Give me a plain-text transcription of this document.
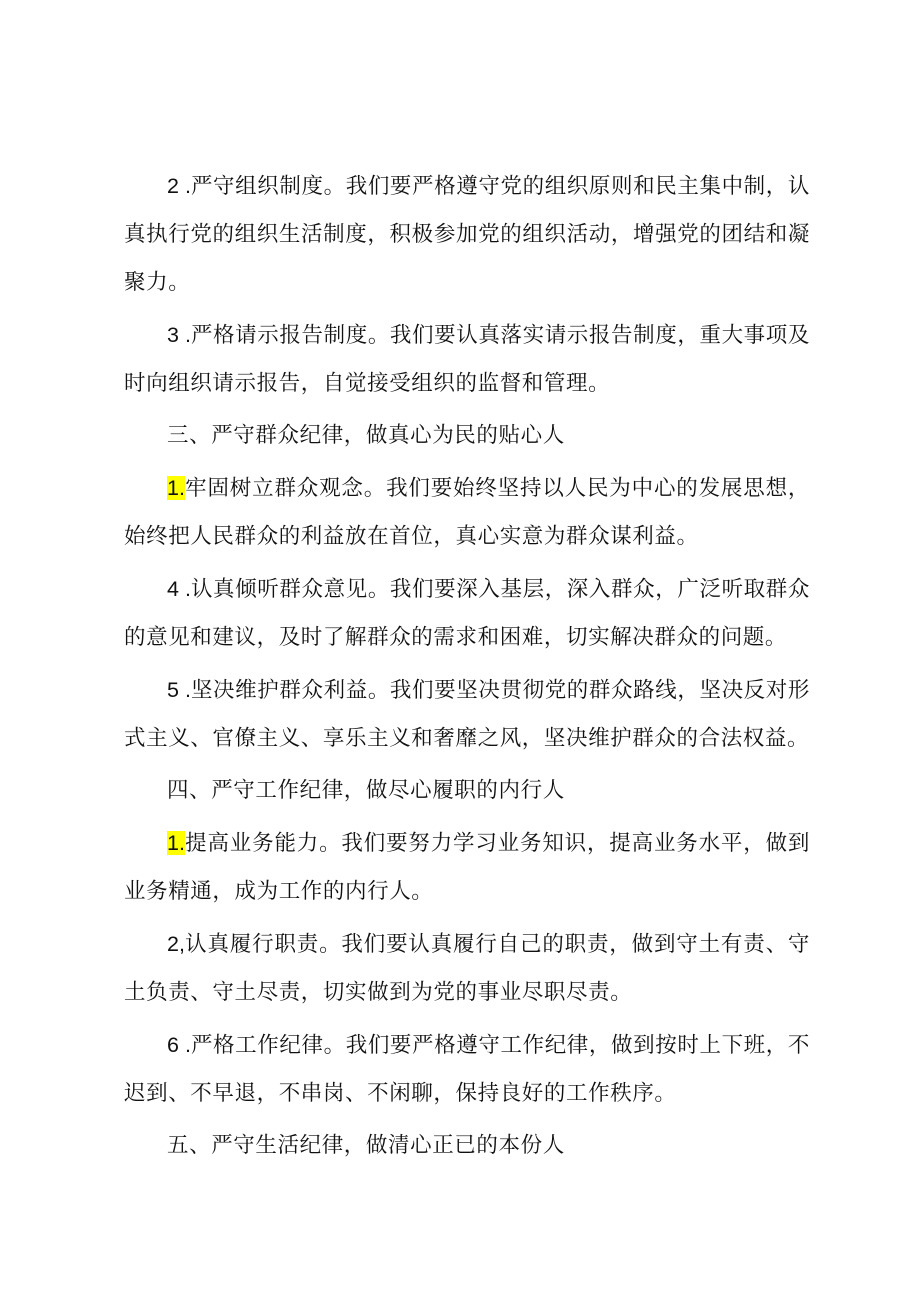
2 .严守组织制度。我们要严格遵守党的组织原则和民主集中制，认真执行党的组织生活制度，积极参加党的组织活动，增强党的团结和凝聚力。

3 .严格请示报告制度。我们要认真落实请示报告制度，重大事项及时向组织请示报告，自觉接受组织的监督和管理。

三、严守群众纪律，做真心为民的贴心人

1.牢固树立群众观念。我们要始终坚持以人民为中心的发展思想，始终把人民群众的利益放在首位，真心实意为群众谋利益。

4 .认真倾听群众意见。我们要深入基层，深入群众，广泛听取群众的意见和建议，及时了解群众的需求和困难，切实解决群众的问题。

5 .坚决维护群众利益。我们要坚决贯彻党的群众路线，坚决反对形式主义、官僚主义、享乐主义和奢靡之风，坚决维护群众的合法权益。

四、严守工作纪律，做尽心履职的内行人

1.提高业务能力。我们要努力学习业务知识，提高业务水平，做到业务精通，成为工作的内行人。

2,认真履行职责。我们要认真履行自己的职责，做到守土有责、守土负责、守土尽责，切实做到为党的事业尽职尽责。

6 .严格工作纪律。我们要严格遵守工作纪律，做到按时上下班，不迟到、不早退，不串岗、不闲聊，保持良好的工作秩序。

五、严守生活纪律，做清心正已的本份人
